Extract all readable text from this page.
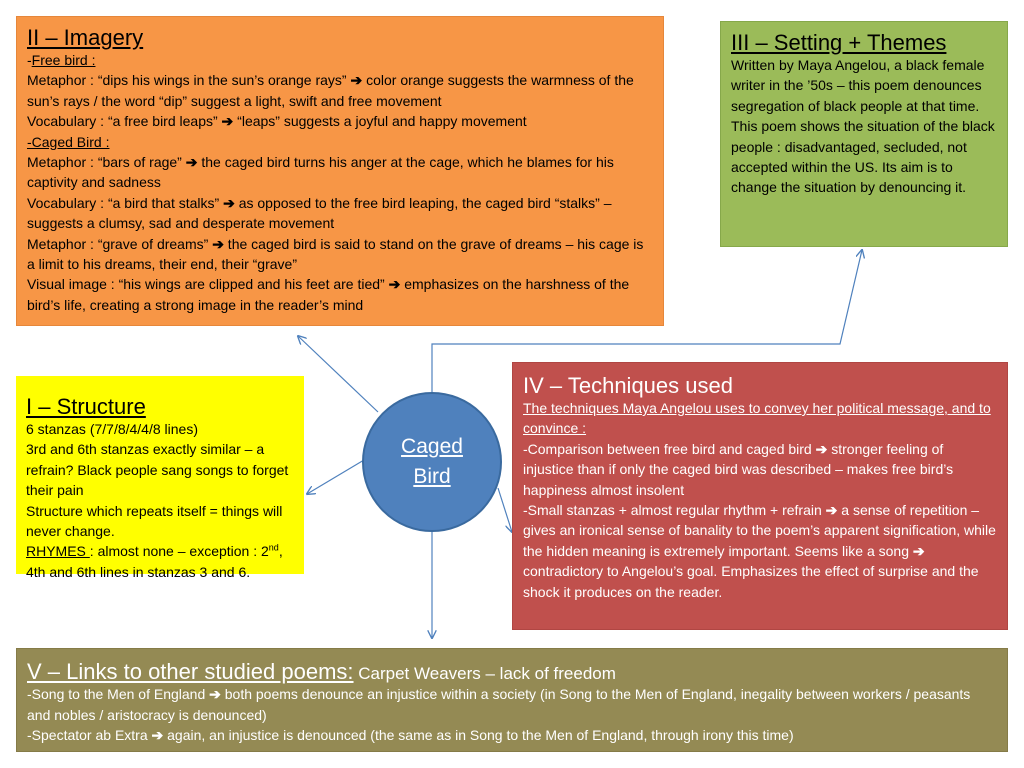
II – Imagery

-Free bird :

Metaphor : “dips his wings in the sun’s orange rays” ➔ color orange suggests the warmness of the sun’s rays / the word “dip” suggest a light, swift and free movement

Vocabulary : “a free bird leaps” ➔ “leaps” suggests a joyful and happy movement

-Caged Bird :

Metaphor : “bars of rage” ➔ the caged bird turns his anger at the cage, which he blames for his captivity and sadness

Vocabulary : “a bird that stalks” ➔ as opposed to the free bird leaping, the caged bird “stalks” – suggests a clumsy, sad and desperate movement

Metaphor : “grave of dreams” ➔ the caged bird is said to stand on the grave of dreams – his cage is a limit to his dreams, their end, their “grave”

Visual image : “his wings are clipped and his feet are tied” ➔ emphasizes on the harshness of the bird’s life, creating a strong image in the reader’s mind

III – Setting + Themes

Written by Maya Angelou, a black female writer in the ’50s – this poem denounces segregation of black people at that time.

This poem shows the situation of the black people : disadvantaged, secluded, not accepted within the US. Its aim is to change the situation by denouncing it.

I – Structure

6 stanzas (7/7/8/4/4/8 lines)

3rd and 6th stanzas exactly similar – a refrain? Black people sang songs to forget their pain

Structure which repeats itself = things will never change.

RHYMES : almost none – exception : 2nd, 4th and 6th lines in stanzas 3 and 6.

Caged
Bird

IV – Techniques used

The techniques Maya Angelou uses to convey her political message, and to convince :

-Comparison between free bird and caged bird ➔ stronger feeling of injustice than if only the caged bird was described – makes free bird’s happiness almost insolent

-Small stanzas + almost regular rhythm + refrain ➔ a sense of repetition – gives an ironical sense of banality to the poem’s apparent signification, while the hidden meaning is extremely important. Seems like a song ➔ contradictory to Angelou’s goal. Emphasizes the effect of surprise and the shock it produces on the reader.

V – Links to other studied poems: Carpet Weavers – lack of freedom

-Song to the Men of England ➔ both poems denounce an injustice within a society (in Song to the Men of England, inegality between workers / peasants and nobles / aristocracy is denounced)

-Spectator ab Extra ➔ again, an injustice is denounced (the same as in Song to the Men of England, through irony this time)
